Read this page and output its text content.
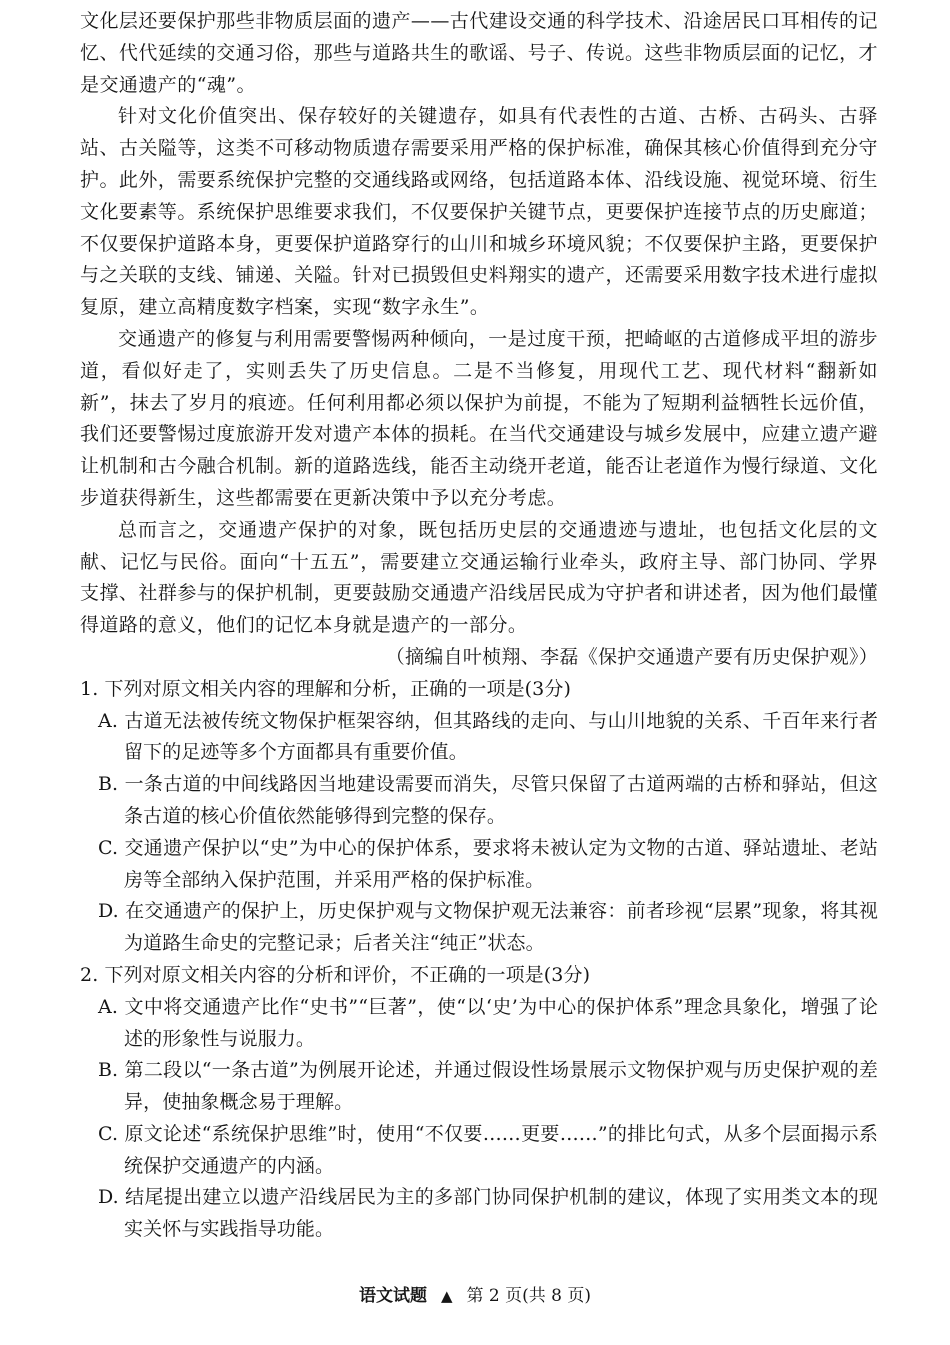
文化层还要保护那些非物质层面的遗产——古代建设交通的科学技术、沿途居民口耳相传的记忆、代代延续的交通习俗，那些与道路共生的歌谣、号子、传说。这些非物质层面的记忆，才是交通遗产的“魂”。

针对文化价值突出、保存较好的关键遗存，如具有代表性的古道、古桥、古码头、古驿站、古关隘等，这类不可移动物质遗存需要采用严格的保护标准，确保其核心价值得到充分守护。此外，需要系统保护完整的交通线路或网络，包括道路本体、沿线设施、视觉环境、衍生文化要素等。系统保护思维要求我们，不仅要保护关键节点，更要保护连接节点的历史廊道；不仅要保护道路本身，更要保护道路穿行的山川和城乡环境风貌；不仅要保护主路，更要保护与之关联的支线、铺递、关隘。针对已损毁但史料翔实的遗产，还需要采用数字技术进行虚拟复原，建立高精度数字档案，实现“数字永生”。

交通遗产的修复与利用需要警惕两种倾向，一是过度干预，把崎岖的古道修成平坦的游步道，看似好走了，实则丢失了历史信息。二是不当修复，用现代工艺、现代材料“翻新如新”，抹去了岁月的痕迹。任何利用都必须以保护为前提，不能为了短期利益牺牲长远价值，我们还要警惕过度旅游开发对遗产本体的损耗。在当代交通建设与城乡发展中，应建立遗产避让机制和古今融合机制。新的道路选线，能否主动绕开老道，能否让老道作为慢行绿道、文化步道获得新生，这些都需要在更新决策中予以充分考虑。

总而言之，交通遗产保护的对象，既包括历史层的交通遗迹与遗址，也包括文化层的文献、记忆与民俗。面向“十五五”，需要建立交通运输行业牵头，政府主导、部门协同、学界支撑、社群参与的保护机制，更要鼓励交通遗产沿线居民成为守护者和讲述者，因为他们最懂得道路的意义，他们的记忆本身就是遗产的一部分。

（摘编自叶桢翔、李磊《保护交通遗产要有历史保护观》）

1. 下列对原文相关内容的理解和分析，正确的一项是(3分)

A. 古道无法被传统文物保护框架容纳，但其路线的走向、与山川地貌的关系、千百年来行者留下的足迹等多个方面都具有重要价值。

B. 一条古道的中间线路因当地建设需要而消失，尽管只保留了古道两端的古桥和驿站，但这条古道的核心价值依然能够得到完整的保存。

C. 交通遗产保护以“史”为中心的保护体系，要求将未被认定为文物的古道、驿站遗址、老站房等全部纳入保护范围，并采用严格的保护标准。

D. 在交通遗产的保护上，历史保护观与文物保护观无法兼容：前者珍视“层累”现象，将其视为道路生命史的完整记录；后者关注“纯正”状态。

2. 下列对原文相关内容的分析和评价，不正确的一项是(3分)

A. 文中将交通遗产比作“史书”“巨著”，使“以‘史’为中心的保护体系”理念具象化，增强了论述的形象性与说服力。

B. 第二段以“一条古道”为例展开论述，并通过假设性场景展示文物保护观与历史保护观的差异，使抽象概念易于理解。

C. 原文论述“系统保护思维”时，使用“不仅要……更要……”的排比句式，从多个层面揭示系统保护交通遗产的内涵。

D. 结尾提出建立以遗产沿线居民为主的多部门协同保护机制的建议，体现了实用类文本的现实关怀与实践指导功能。

语文试题 ▲ 第 2 页(共 8 页)
